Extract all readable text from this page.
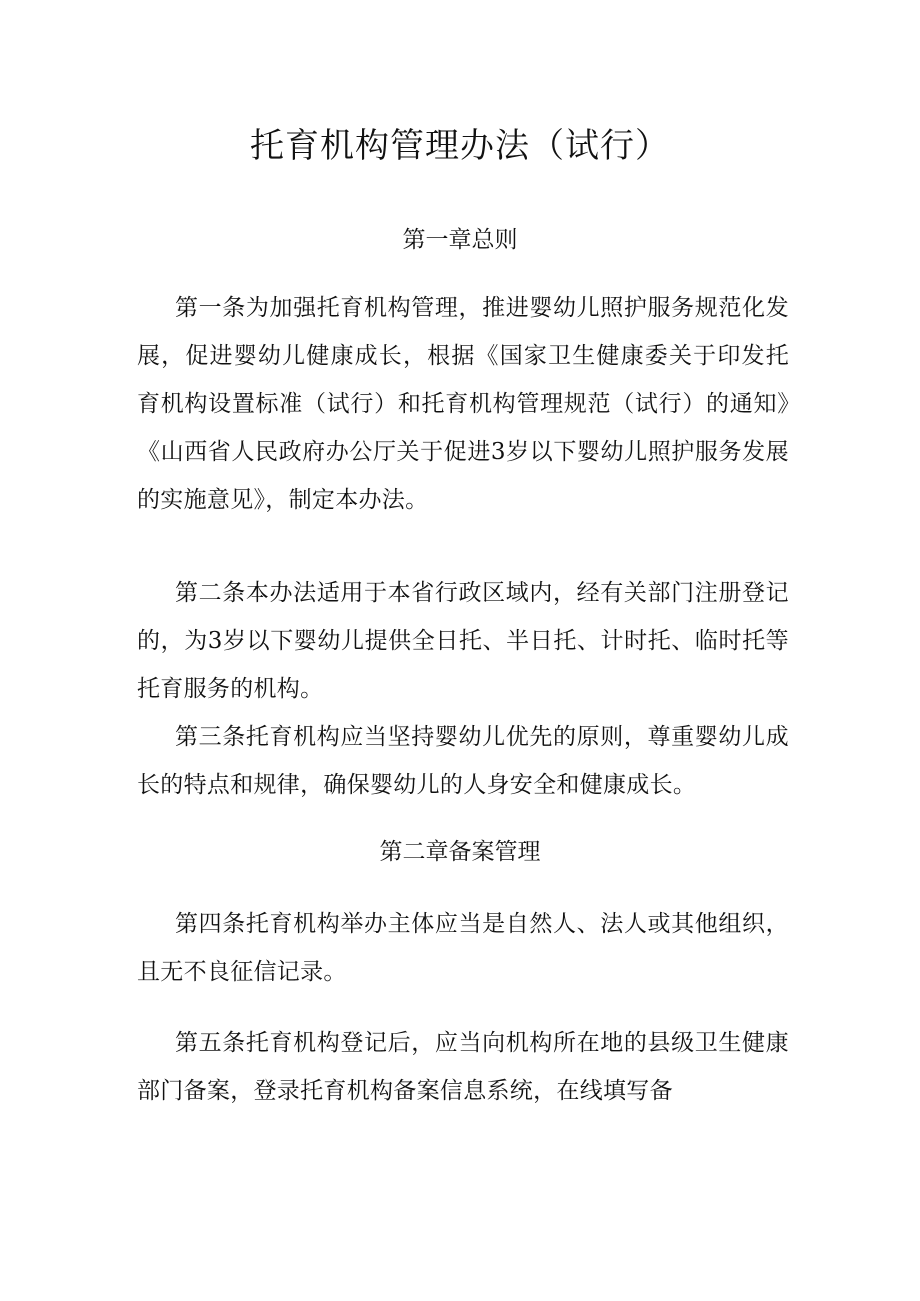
托育机构管理办法（试行）
第一章总则

第一条为加强托育机构管理，推进婴幼儿照护服务规范化发展，促进婴幼儿健康成长，根据《国家卫生健康委关于印发托育机构设置标准（试行）和托育机构管理规范（试行）的通知》《山西省人民政府办公厅关于促进3岁以下婴幼儿照护服务发展的实施意见》，制定本办法。

第二条本办法适用于本省行政区域内，经有关部门注册登记的，为3岁以下婴幼儿提供全日托、半日托、计时托、临时托等托育服务的机构。

第三条托育机构应当坚持婴幼儿优先的原则，尊重婴幼儿成长的特点和规律，确保婴幼儿的人身安全和健康成长。

第二章备案管理

第四条托育机构举办主体应当是自然人、法人或其他组织，且无不良征信记录。

第五条托育机构登记后，应当向机构所在地的县级卫生健康部门备案，登录托育机构备案信息系统，在线填写备
